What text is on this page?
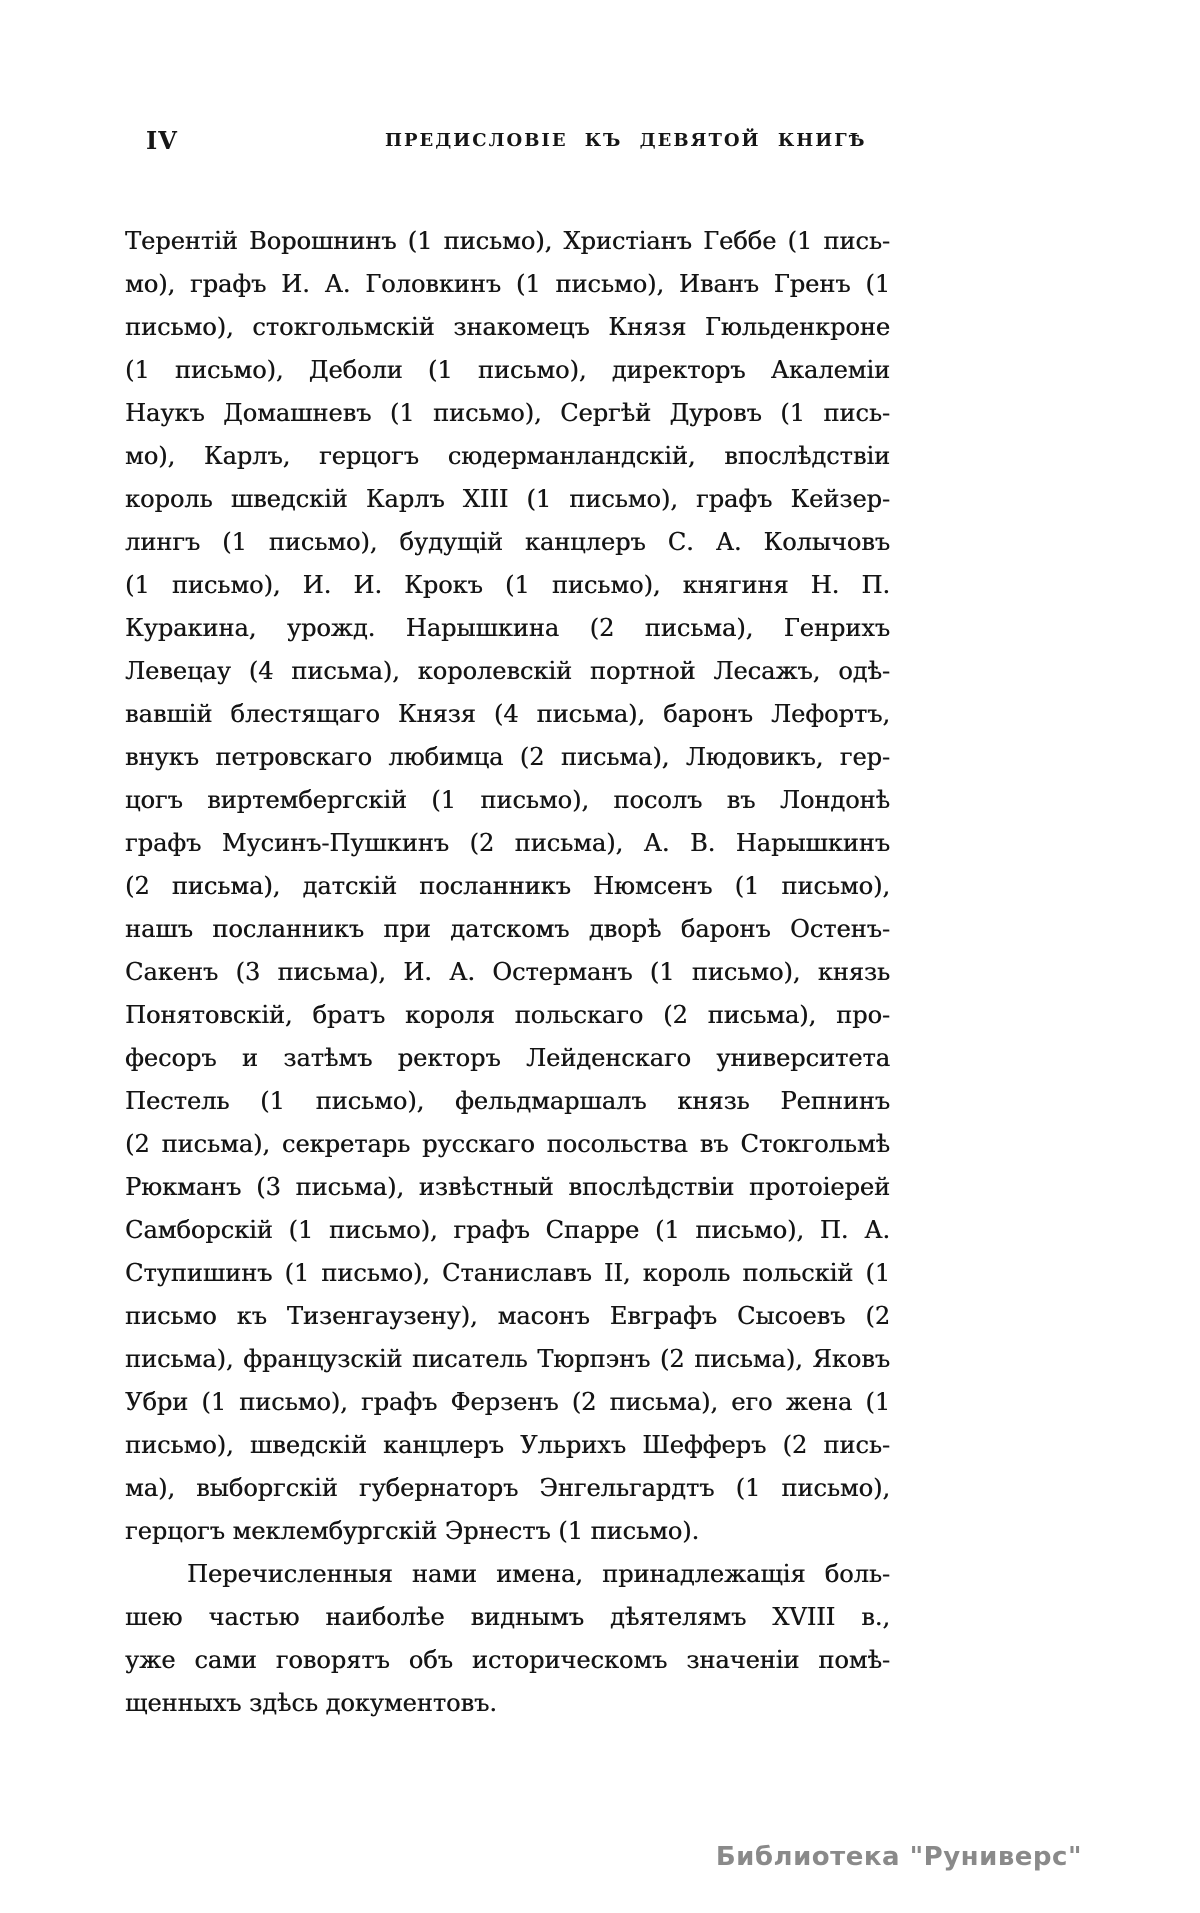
IV	ПРЕДИСЛОВІЕ КЪ ДЕВЯТОЙ КНИГѢ
Терентій Ворошнинъ (1 письмо), Христіанъ Геббе (1 пись-
мо), графъ И. А. Головкинъ (1 письмо), Иванъ Гренъ (1
письмо), стокгольмскій знакомецъ Князя Гюльденкроне
(1 письмо), Деболи (1 письмо), директоръ Акалеміи
Наукъ Домашневъ (1 письмо), Сергѣй Дуровъ (1 пись-
мо), Карлъ, герцогъ сюдерманландскій, впослѣдствіи
король шведскій Карлъ XIII (1 письмо), графъ Кейзер-
лингъ (1 письмо), будущій канцлеръ С. А. Колычовъ
(1 письмо), И. И. Крокъ (1 письмо), княгиня Н. П.
Куракина, урожд. Нарышкина (2 письма), Генрихъ
Левецау (4 письма), королевскій портной Лесажъ, одѣ-
вавшій блестящаго Князя (4 письма), баронъ Лефортъ,
внукъ петровскаго любимца (2 письма), Людовикъ, гер-
цогъ виртембергскій (1 письмо), посолъ въ Лондонѣ
графъ Мусинъ-Пушкинъ (2 письма), А. В. Нарышкинъ
(2 письма), датскій посланникъ Нюмсенъ (1 письмо),
нашъ посланникъ при датскомъ дворѣ баронъ Остенъ-
Сакенъ (3 письма), И. А. Остерманъ (1 письмо), князь
Понятовскій, братъ короля польскаго (2 письма), про-
фесоръ и затѣмъ ректоръ Лейденскаго университета
Пестель (1 письмо), фельдмаршалъ князь Репнинъ
(2 письма), секретарь русскаго посольства въ Стокгольмѣ
Рюкманъ (3 письма), извѣстный впослѣдствіи протоіерей
Самборскій (1 письмо), графъ Спарре (1 письмо), П. А.
Ступишинъ (1 письмо), Станиславъ II, король польскій (1
письмо къ Тизенгаузену), масонъ Евграфъ Сысоевъ (2
письма), французскій писатель Тюрпэнъ (2 письма), Яковъ
Убри (1 письмо), графъ Ферзенъ (2 письма), его жена (1
письмо), шведскій канцлеръ Ульрихъ Шефферъ (2 пись-
ма), выборгскій губернаторъ Энгельгардтъ (1 письмо),
герцогъ меклембургскій Эрнестъ (1 письмо).
Перечисленныя нами имена, принадлежащія боль-
шею частью наиболѣе виднымъ дѣятелямъ XVIII в.,
уже сами говорятъ объ историческомъ значеніи помѣ-
щенныхъ здѣсь документовъ.
Библиотека "Руниверс"
